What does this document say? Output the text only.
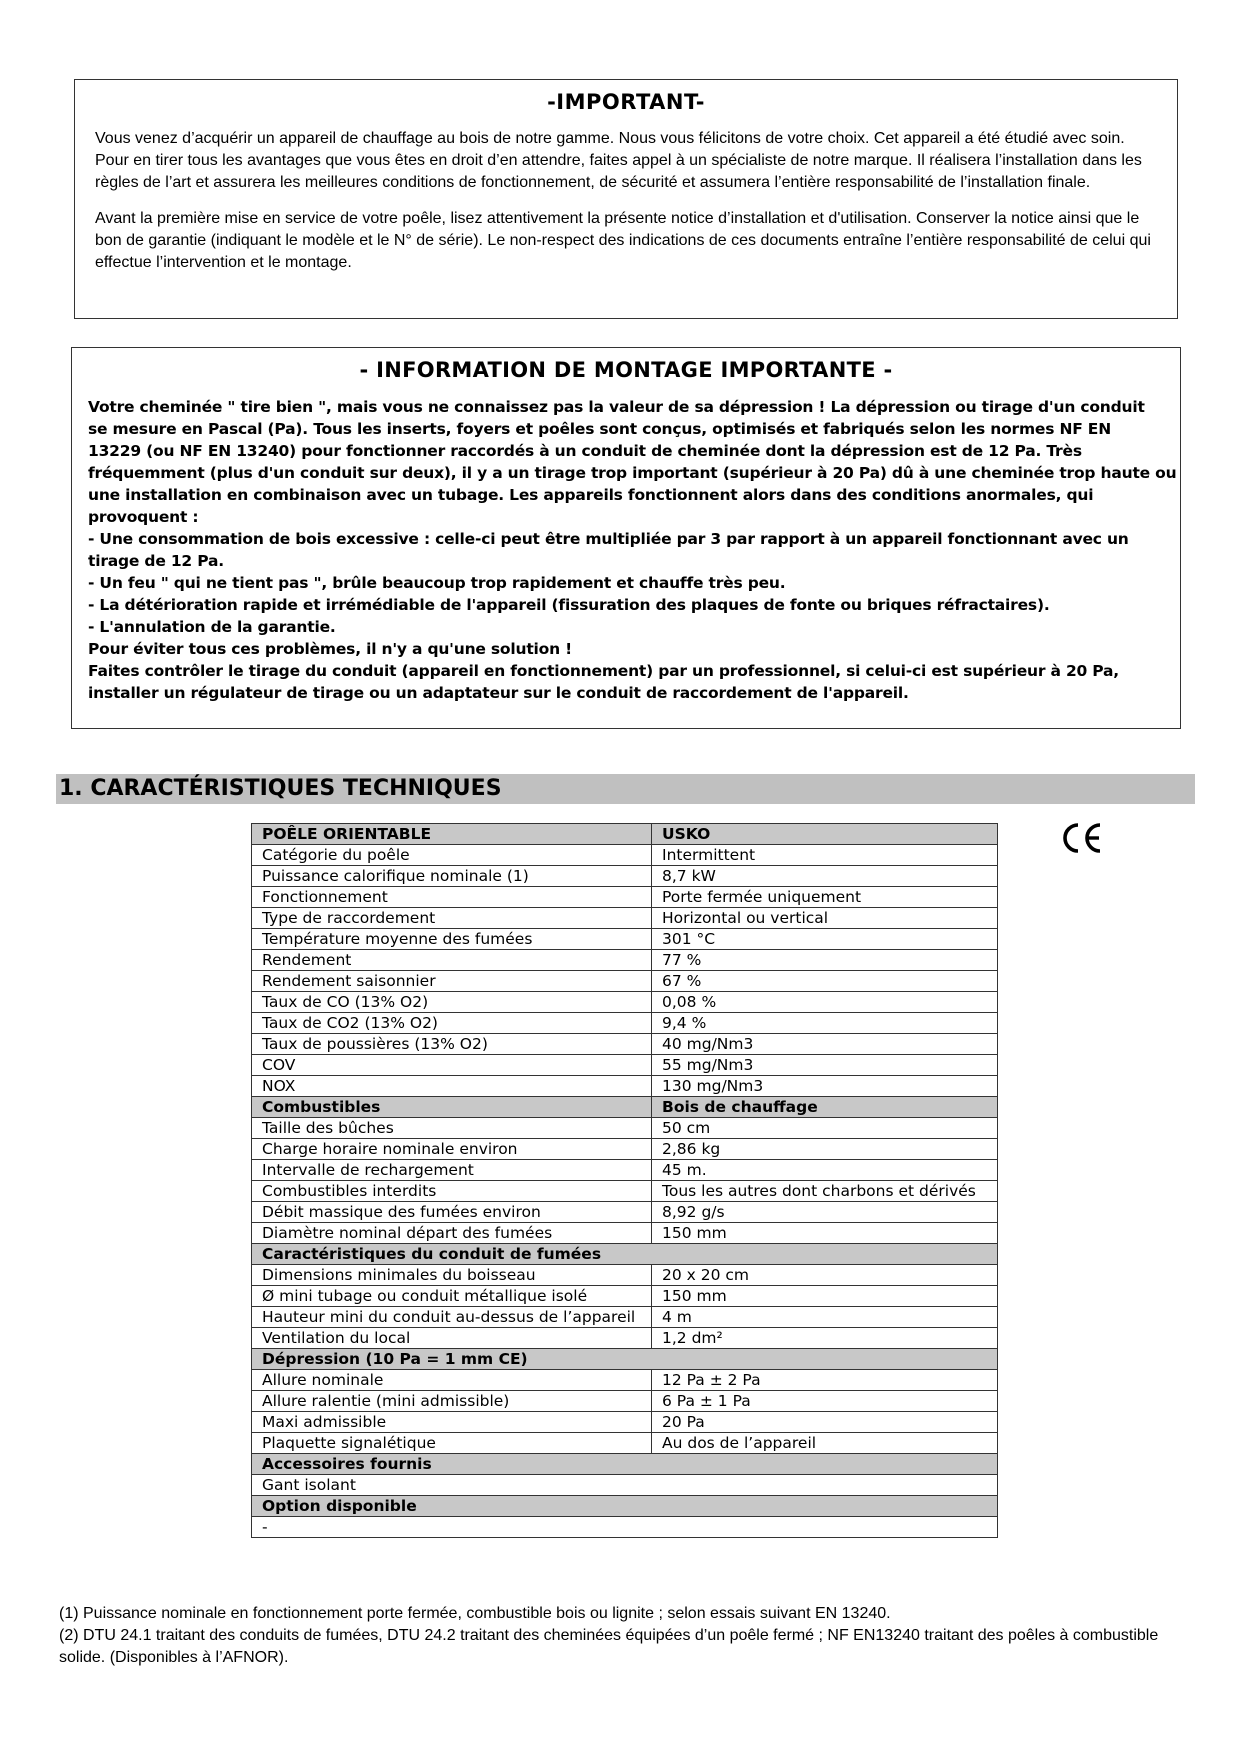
-IMPORTANT-

Vous venez d’acquérir un appareil de chauffage au bois de notre gamme. Nous vous félicitons de votre choix. Cet appareil a été étudié avec soin. Pour en tirer tous les avantages que vous êtes en droit d’en attendre, faites appel à un spécialiste de notre marque. Il réalisera l’installation dans les règles de l’art et assurera les meilleures conditions de fonctionnement, de sécurité et assumera l’entière responsabilité de l’installation finale.

Avant la première mise en service de votre poêle, lisez attentivement la présente notice d’installation et d'utilisation. Conserver la notice ainsi que le bon de garantie (indiquant le modèle et le N° de série). Le non-respect des indications de ces documents entraîne l’entière responsabilité de celui qui effectue l’intervention et le montage.

- INFORMATION DE MONTAGE IMPORTANTE -
Votre cheminée " tire bien ", mais vous ne connaissez pas la valeur de sa dépression ! La dépression ou tirage d'un conduit
se mesure en Pascal (Pa). Tous les inserts, foyers et poêles sont conçus, optimisés et fabriqués selon les normes NF EN
13229 (ou NF EN 13240) pour fonctionner raccordés à un conduit de cheminée dont la dépression est de 12 Pa. Très
fréquemment (plus d'un conduit sur deux), il y a un tirage trop important (supérieur à 20 Pa) dû à une cheminée trop haute ou
une installation en combinaison avec un tubage. Les appareils fonctionnent alors dans des conditions anormales, qui
provoquent :
- Une consommation de bois excessive : celle-ci peut être multipliée par 3 par rapport à un appareil fonctionnant avec un
tirage de 12 Pa.
- Un feu " qui ne tient pas ", brûle beaucoup trop rapidement et chauffe très peu.
- La détérioration rapide et irrémédiable de l'appareil (fissuration des plaques de fonte ou briques réfractaires).
- L'annulation de la garantie.
Pour éviter tous ces problèmes, il n'y a qu'une solution !
Faites contrôler le tirage du conduit (appareil en fonctionnement) par un professionnel, si celui-ci est supérieur à 20 Pa,
installer un régulateur de tirage ou un adaptateur sur le conduit de raccordement de l'appareil.
1. CARACTÉRISTIQUES TECHNIQUES
POÊLE ORIENTABLE	USKO
Catégorie du poêle	Intermittent
Puissance calorifique nominale (1)	8,7 kW
Fonctionnement	Porte fermée uniquement
Type de raccordement	Horizontal ou vertical
Température moyenne des fumées	301 °C
Rendement	77 %
Rendement saisonnier	67 %
Taux de CO (13% O2)	0,08 %
Taux de CO2 (13% O2)	9,4 %
Taux de poussières (13% O2)	40 mg/Nm3
COV	55 mg/Nm3
NOX	130 mg/Nm3
Combustibles	Bois de chauffage
Taille des bûches	50 cm
Charge horaire nominale environ	2,86 kg
Intervalle de rechargement	45 m.
Combustibles interdits	Tous les autres dont charbons et dérivés
Débit massique des fumées environ	8,92 g/s
Diamètre nominal départ des fumées	150 mm
Caractéristiques du conduit de fumées	
Dimensions minimales du boisseau	20 x 20 cm
Ø mini tubage ou conduit métallique isolé	150 mm
Hauteur mini du conduit au-dessus de l’appareil	4 m
Ventilation du local	1,2 dm²
Dépression (10 Pa = 1 mm CE)	
Allure nominale	12 Pa ± 2 Pa
Allure ralentie (mini admissible)	6 Pa ± 1 Pa
Maxi admissible	20 Pa
Plaquette signalétique	Au dos de l’appareil
Accessoires fournis	
Gant isolant	
Option disponible	
-	
(1) Puissance nominale en fonctionnement porte fermée, combustible bois ou lignite ; selon essais suivant EN 13240.
(2) DTU 24.1 traitant des conduits de fumées, DTU 24.2 traitant des cheminées équipées d’un poêle fermé ; NF EN13240 traitant des poêles à combustible solide. (Disponibles à l’AFNOR).
